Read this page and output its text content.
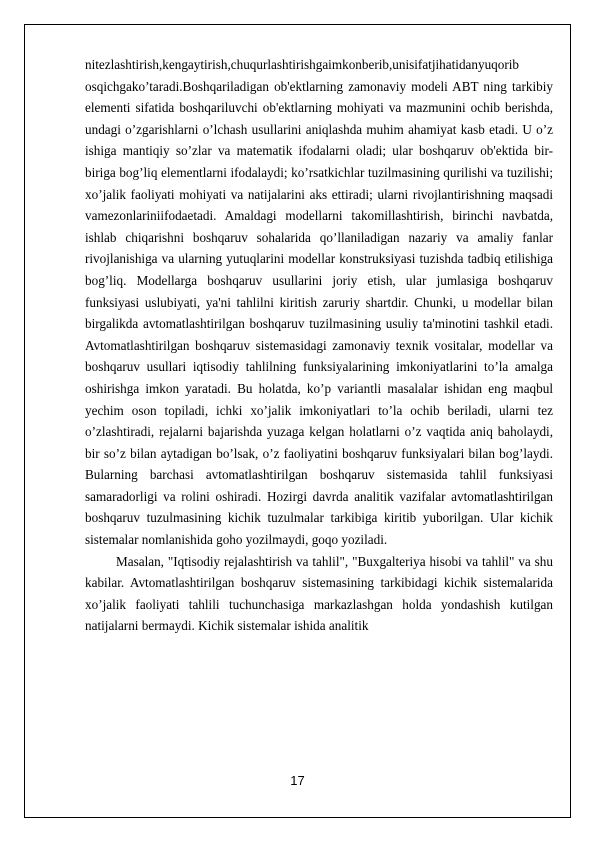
nitezlashtirish,kengaytirish,chuqurlashtirishgaimkonberib,unisifatjihatidanyuqorib
osqichgako’taradi.Boshqariladigan ob'ektlarning zamonaviy modeli ABT ning tarkibiy elementi sifatida boshqariluvchi ob'ektlarning mohiyati va mazmunini ochib berishda, undagi o’zgarishlarni o’lchash usullarini aniqlashda muhim ahamiyat kasb etadi. U o’z ishiga mantiqiy so’zlar va matematik ifodalarni oladi; ular boshqaruv ob'ektida bir-biriga bog’liq elementlarni ifodalaydi; ko’rsatkichlar tuzilmasining qurilishi va tuzilishi; xo’jalik faoliyati mohiyati va natijalarini aks ettiradi; ularni rivojlantirishning maqsadi vamezonlariniifodaetadi. Amaldagi modellarni takomillashtirish, birinchi navbatda, ishlab chiqarishni boshqaruv sohalarida qo’llaniladigan nazariy va amaliy fanlar rivojlanishiga va ularning yutuqlarini modellar konstruksiyasi tuzishda tadbiq etilishiga bog’liq. Modellarga boshqaruv usullarini joriy etish, ular jumlasiga boshqaruv funksiyasi uslubiyati, ya'ni tahlilni kiritish zaruriy shartdir. Chunki, u modellar bilan birgalikda avtomatlashtirilgan boshqaruv tuzilmasining usuliy ta'minotini tashkil etadi. Avtomatlashtirilgan boshqaruv sistemasidagi zamonaviy texnik vositalar, modellar va boshqaruv usullari iqtisodiy tahlilning funksiyalarining imkoniyatlarini to’la amalga oshirishga imkon yaratadi. Bu holatda, ko’p variantli masalalar ishidan eng maqbul yechim oson topiladi, ichki xo’jalik imkoniyatlari to’la ochib beriladi, ularni tez o’zlashtiradi, rejalarni bajarishda yuzaga kelgan holatlarni o’z vaqtida aniq baholaydi, bir so’z bilan aytadigan bo’lsak, o’z faoliyatini boshqaruv funksiyalari bilan bog’laydi. Bularning barchasi avtomatlashtirilgan boshqaruv sistemasida tahlil funksiyasi samaradorligi va rolini oshiradi. Hozirgi davrda analitik vazifalar avtomatlashtirilgan boshqaruv tuzulmasining kichik tuzulmalar tarkibiga kiritib yuborilgan. Ular kichik sistemalar nomlanishida goho yozilmaydi, goqo yoziladi.

Masalan, "Iqtisodiy rejalashtirish va tahlil", "Buxgalteriya hisobi va tahlil" va shu kabilar. Avtomatlashtirilgan boshqaruv sistemasining tarkibidagi kichik sistemalarida xo’jalik faoliyati tahlili tuchunchasiga markazlashgan holda yondashish kutilgan natijalarni bermaydi. Kichik sistemalar ishida analitik

17
